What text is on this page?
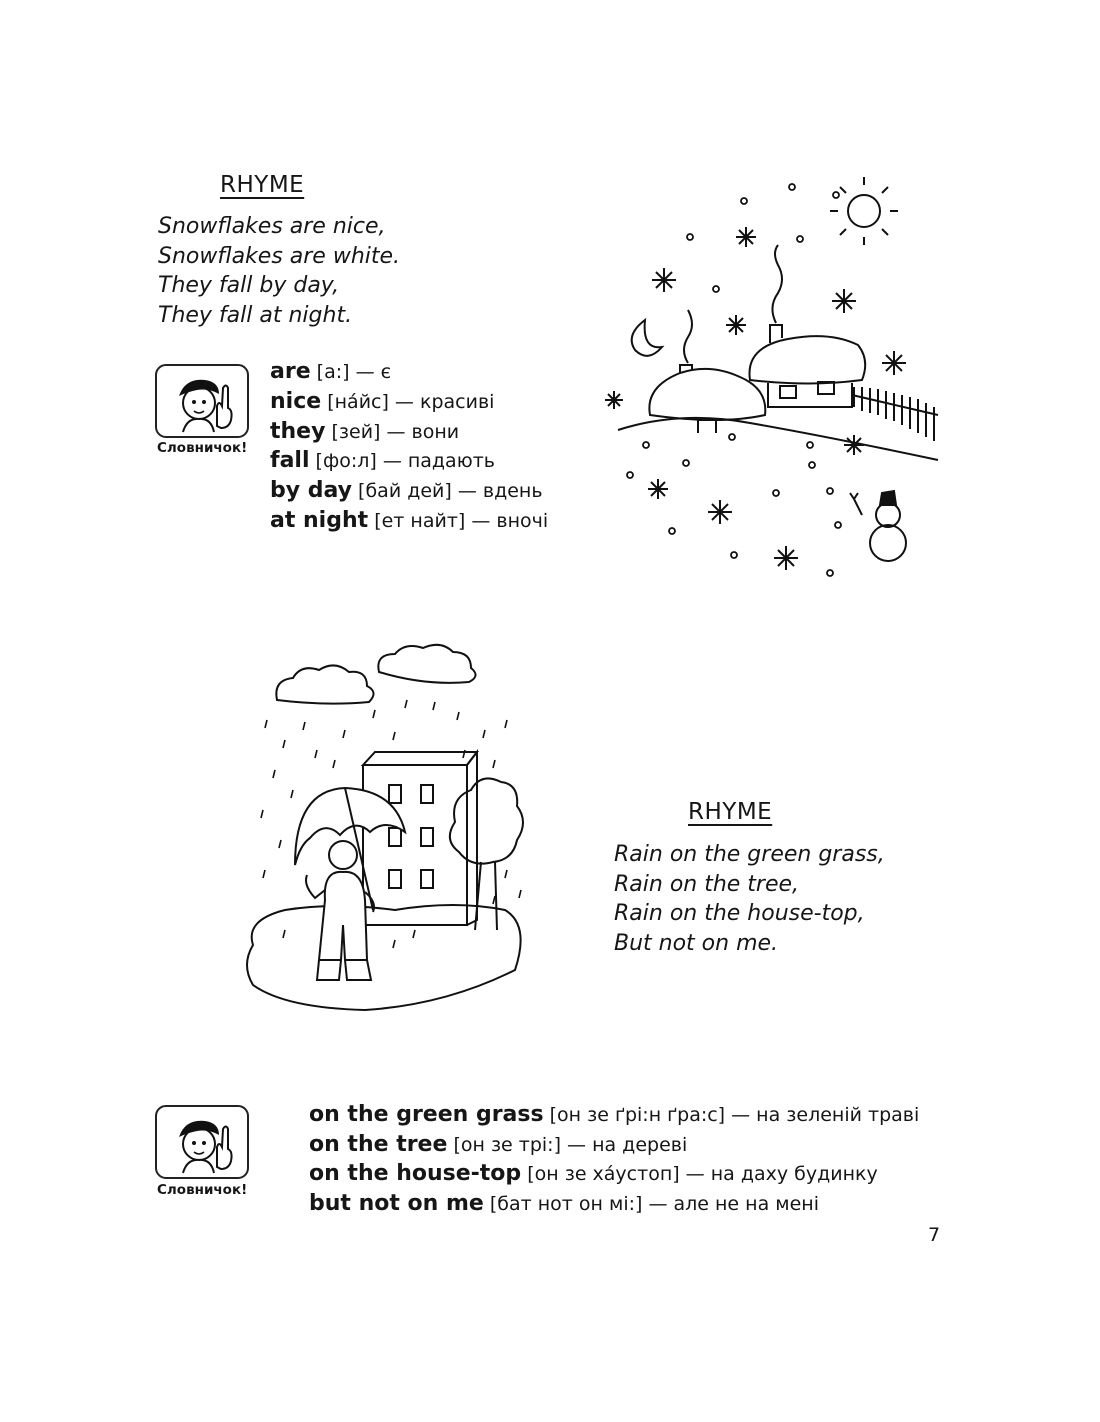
RHYME
Snowflakes are nice,
Snowflakes are white.
They fall by day,
They fall at night.
Словничок!
are [a:] — є
nice [на́йс] — красиві
they [зей] — вони
fall [фо:л] — падають
by day [бай дей] — вдень
at night [ет найт] — вночі
RHYME
Rain on the green grass,
Rain on the tree,
Rain on the house-top,
But not on me.
Словничок!
on the green grass [он зе ґрі:н ґра:с] — на зеленій траві
on the tree [он зе трі:] — на дереві
on the house-top [он зе ха́устоп] — на даху будинку
but not on me [бат нот он мі:] — але не на мені
7
